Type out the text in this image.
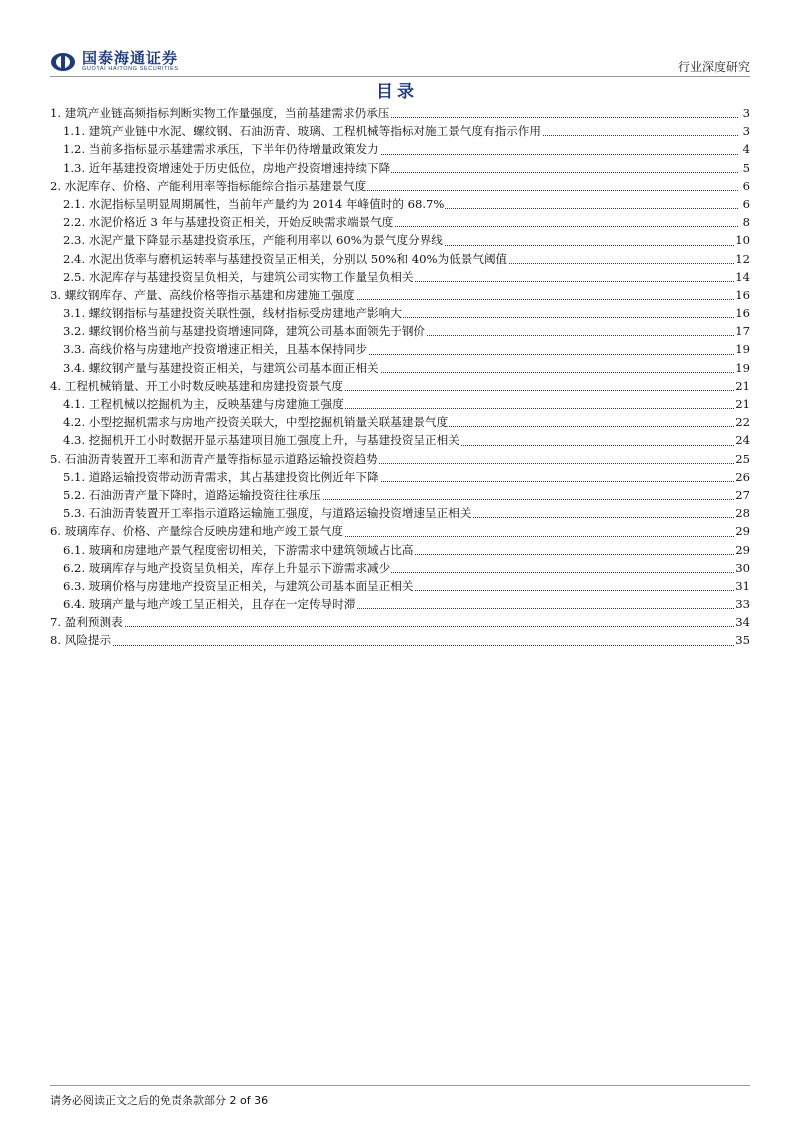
国泰海通证券
GUOTAI HAITONG SECURITIES	行业深度研究
目录
1. 建筑产业链高频指标判断实物工作量强度，当前基建需求仍承压	3
1.1. 建筑产业链中水泥、螺纹钢、石油沥青、玻璃、工程机械等指标对施工景气度有指示作用	3
1.2. 当前多指标显示基建需求承压，下半年仍待增量政策发力	4
1.3. 近年基建投资增速处于历史低位，房地产投资增速持续下降	5
2. 水泥库存、价格、产能利用率等指标能综合指示基建景气度	6
2.1. 水泥指标呈明显周期属性，当前年产量约为 2014 年峰值时的 68.7%	6
2.2. 水泥价格近 3 年与基建投资正相关，开始反映需求端景气度	8
2.3. 水泥产量下降显示基建投资承压，产能利用率以 60%为景气度分界线	10
2.4. 水泥出货率与磨机运转率与基建投资呈正相关，分别以 50%和 40%为低景气阈值	12
2.5. 水泥库存与基建投资呈负相关，与建筑公司实物工作量呈负相关	14
3. 螺纹钢库存、产量、高线价格等指示基建和房建施工强度	16
3.1. 螺纹钢指标与基建投资关联性强，线材指标受房建地产影响大	16
3.2. 螺纹钢价格当前与基建投资增速同降，建筑公司基本面领先于钢价	17
3.3. 高线价格与房建地产投资增速正相关，且基本保持同步	19
3.4. 螺纹钢产量与基建投资正相关，与建筑公司基本面正相关	19
4. 工程机械销量、开工小时数反映基建和房建投资景气度	21
4.1. 工程机械以挖掘机为主，反映基建与房建施工强度	21
4.2. 小型挖掘机需求与房地产投资关联大，中型挖掘机销量关联基建景气度	22
4.3. 挖掘机开工小时数据开显示基建项目施工强度上升，与基建投资呈正相关	24
5. 石油沥青装置开工率和沥青产量等指标显示道路运输投资趋势	25
5.1. 道路运输投资带动沥青需求，其占基建投资比例近年下降	26
5.2. 石油沥青产量下降时，道路运输投资往往承压	27
5.3. 石油沥青装置开工率指示道路运输施工强度，与道路运输投资增速呈正相关	28
6. 玻璃库存、价格、产量综合反映房建和地产竣工景气度	29
6.1. 玻璃和房建地产景气程度密切相关，下游需求中建筑领域占比高	29
6.2. 玻璃库存与地产投资呈负相关，库存上升显示下游需求减少	30
6.3. 玻璃价格与房建地产投资呈正相关，与建筑公司基本面呈正相关	31
6.4. 玻璃产量与地产竣工呈正相关，且存在一定传导时滞	33
7. 盈利预测表	34
8. 风险提示	35
请务必阅读正文之后的免责条款部分 2 of 36
